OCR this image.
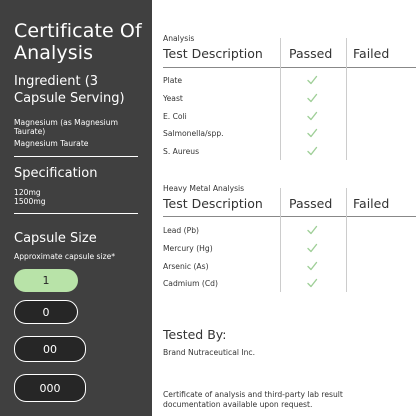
Certificate Of Analysis
Ingredient (3 Capsule Serving)
Magnesium (as Magnesium Taurate)
Magnesium Taurate
Specification
120mg
1500mg
Capsule Size
Approximate capsule size*
1
0
00
000
Analysis
Test Description Passed Failed
Plate
Yeast
E. Coli
Salmonella/spp.
S. Aureus
Heavy Metal Analysis
Test Description Passed Failed
Lead (Pb)
Mercury (Hg)
Arsenic (As)
Cadmium (Cd)
Tested By:
Brand Nutraceutical Inc.
Certificate of analysis and third-party lab result documentation available upon request.
